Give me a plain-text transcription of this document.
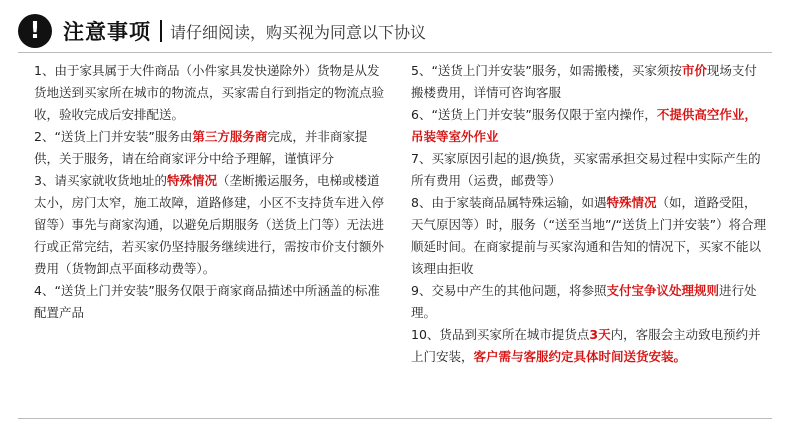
!	注意事项 请仔细阅读，购买视为同意以下协议

1、由于家具属于大件商品（小件家具发快递除外）货物是从发货地送到买家所在城市的物流点，买家需自行到指定的物流点验收，验收完成后安排配送。

2、“送货上门并安装”服务由第三方服务商完成，并非商家提供，关于服务，请在给商家评分中给予理解，谨慎评分

3、请买家就收货地址的特殊情况（垄断搬运服务，电梯或楼道太小，房门太窄，施工故障，道路修建，小区不支持货车进入停留等）事先与商家沟通，以避免后期服务（送货上门等）无法进行或正常完结，若买家仍坚持服务继续进行，需按市价支付额外费用（货物卸点平面移动费等）。

4、“送货上门并安装”服务仅限于商家商品描述中所涵盖的标准配置产品

5、“送货上门并安装”服务，如需搬楼，买家须按市价现场支付搬楼费用，详情可咨询客服

6、“送货上门并安装”服务仅限于室内操作，不提供高空作业，吊装等室外作业

7、买家原因引起的退/换货，买家需承担交易过程中实际产生的所有费用（运费，邮费等）

8、由于家装商品属特殊运输，如遇特殊情况（如，道路受阻，天气原因等）时，服务（“送至当地”/“送货上门并安装”）将合理顺延时间。在商家提前与买家沟通和告知的情况下，买家不能以该理由拒收

9、交易中产生的其他问题，将参照支付宝争议处理规则进行处理。

10、货品到买家所在城市提货点3天内，客服会主动致电预约并上门安装，客户需与客服约定具体时间送货安装。
